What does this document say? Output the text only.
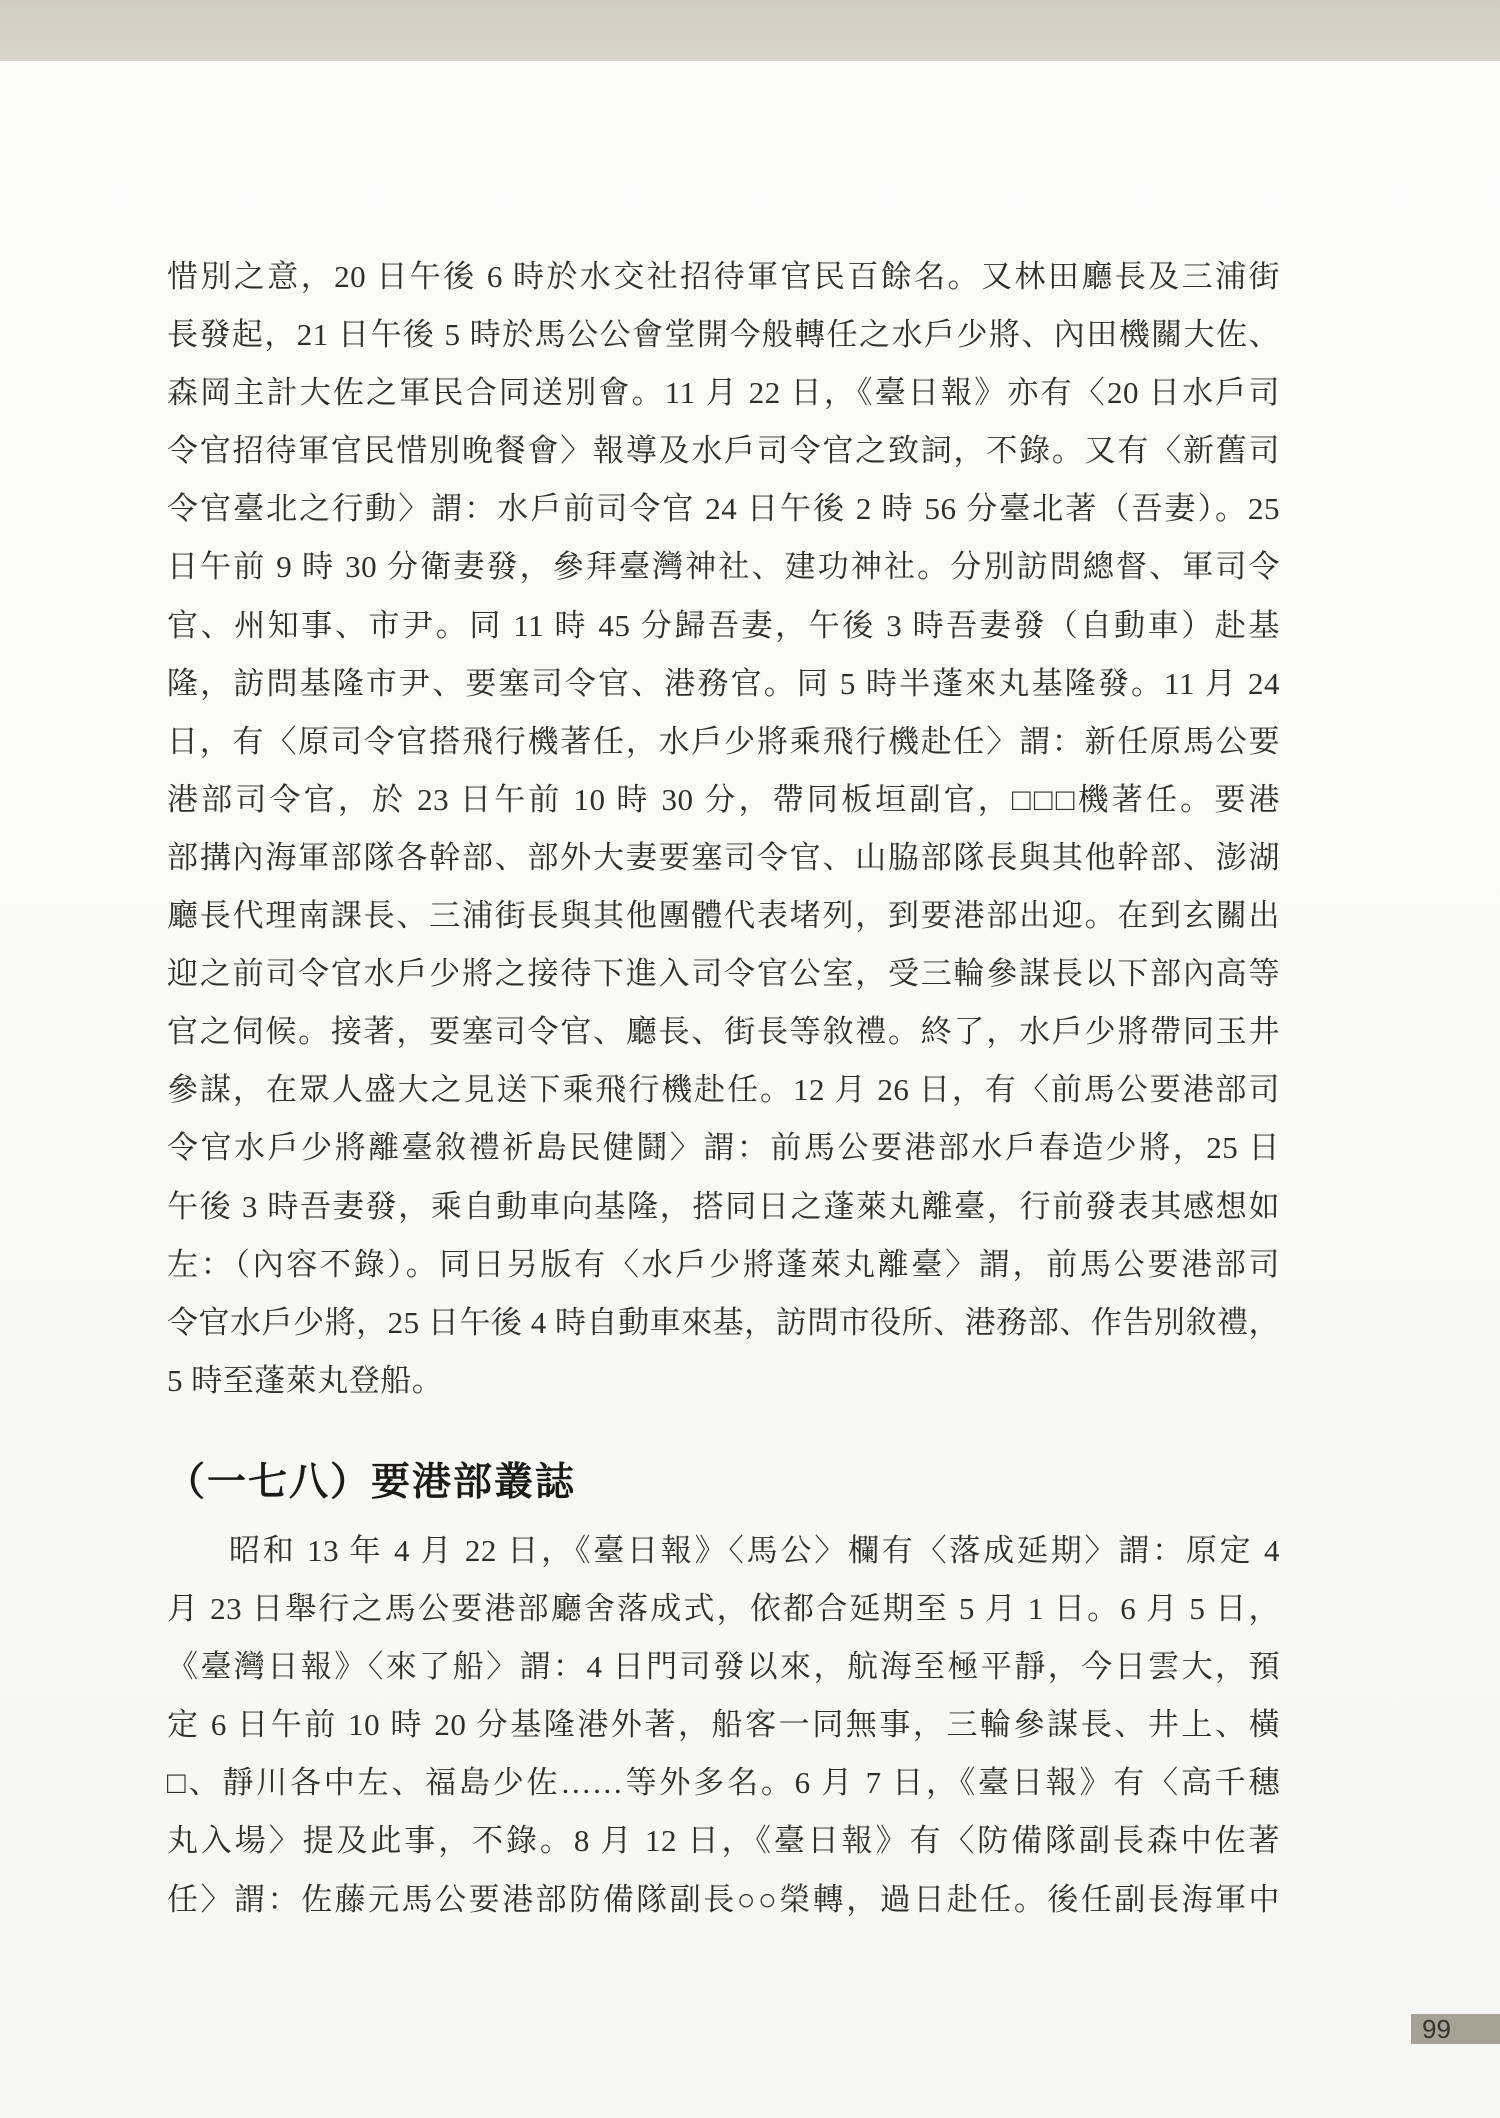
惜別之意，20 日午後 6 時於水交社招待軍官民百餘名。又林田廳長及三浦街
長發起，21 日午後 5 時於馬公公會堂開今般轉任之水戶少將、內田機關大佐、
森岡主計大佐之軍民合同送別會。11 月 22 日，《臺日報》亦有〈20 日水戶司
令官招待軍官民惜別晚餐會〉報導及水戶司令官之致詞，不錄。又有〈新舊司
令官臺北之行動〉謂：水戶前司令官 24 日午後 2 時 56 分臺北著（吾妻）。25
日午前 9 時 30 分衛妻發，參拜臺灣神社、建功神社。分別訪問總督、軍司令
官、州知事、市尹。同 11 時 45 分歸吾妻，午後 3 時吾妻發（自動車）赴基
隆，訪問基隆市尹、要塞司令官、港務官。同 5 時半蓬來丸基隆發。11 月 24
日，有〈原司令官搭飛行機著任，水戶少將乘飛行機赴任〉謂：新任原馬公要
港部司令官，於 23 日午前 10 時 30 分，帶同板垣副官，□□□機著任。要港
部搆內海軍部隊各幹部、部外大妻要塞司令官、山脇部隊長與其他幹部、澎湖
廳長代理南課長、三浦街長與其他團體代表堵列，到要港部出迎。在到玄關出
迎之前司令官水戶少將之接待下進入司令官公室，受三輪參謀長以下部內高等
官之伺候。接著，要塞司令官、廳長、街長等敘禮。終了，水戶少將帶同玉井
參謀，在眾人盛大之見送下乘飛行機赴任。12 月 26 日，有〈前馬公要港部司
令官水戶少將離臺敘禮祈島民健鬪〉謂：前馬公要港部水戶春造少將，25 日
午後 3 時吾妻發，乘自動車向基隆，搭同日之蓬萊丸離臺，行前發表其感想如
左：（內容不錄）。同日另版有〈水戶少將蓬萊丸離臺〉謂，前馬公要港部司
令官水戶少將，25 日午後 4 時自動車來基，訪問市役所、港務部、作告別敘禮，
5 時至蓬萊丸登船。
（一七八）要港部叢誌
昭和 13 年 4 月 22 日，《臺日報》〈馬公〉欄有〈落成延期〉謂：原定 4
月 23 日舉行之馬公要港部廳舍落成式，依都合延期至 5 月 1 日。6 月 5 日，
《臺灣日報》〈來了船〉謂：4 日門司發以來，航海至極平靜，今日雲大，預
定 6 日午前 10 時 20 分基隆港外著，船客一同無事，三輪參謀長、井上、橫
□、靜川各中左、福島少佐……等外多名。6 月 7 日，《臺日報》有〈高千穗
丸入場〉提及此事，不錄。8 月 12 日，《臺日報》有〈防備隊副長森中佐著
任〉謂：佐藤元馬公要港部防備隊副長○○榮轉，過日赴任。後任副長海軍中
99
